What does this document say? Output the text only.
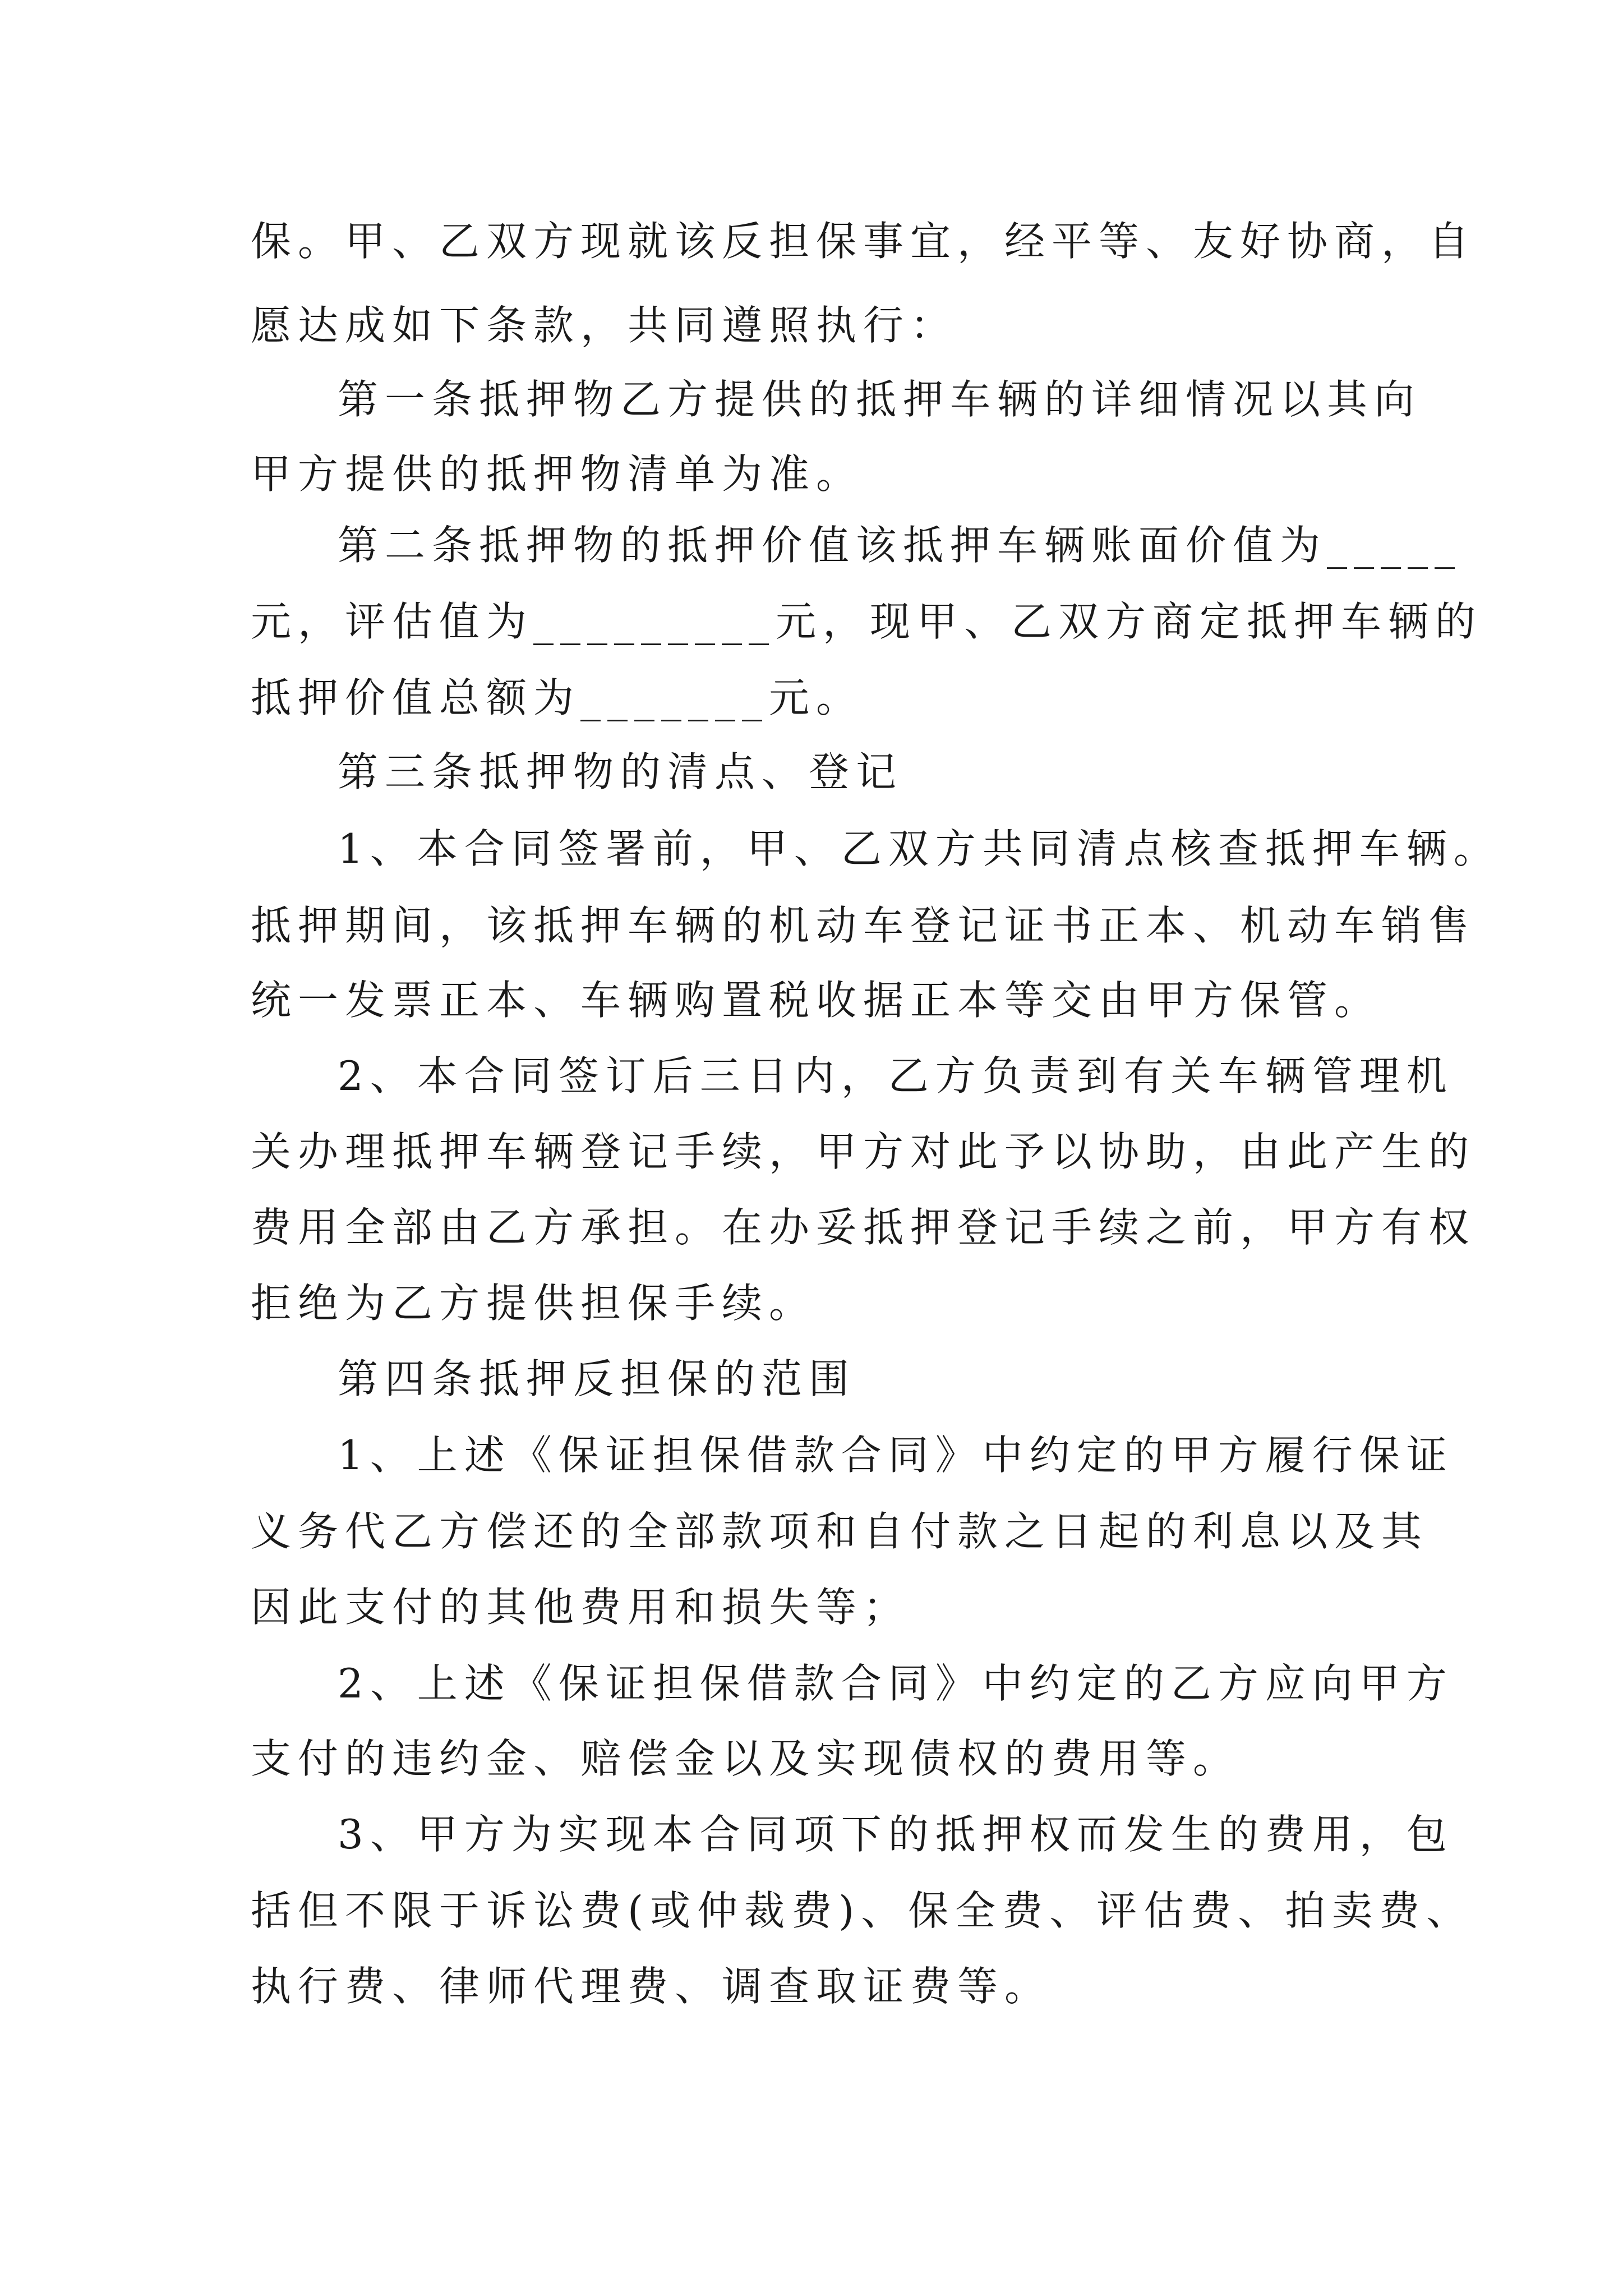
保。甲、乙双方现就该反担保事宜，经平等、友好协商，自
愿达成如下条款，共同遵照执行：
第一条抵押物乙方提供的抵押车辆的详细情况以其向
甲方提供的抵押物清单为准。
第二条抵押物的抵押价值该抵押车辆账面价值为_____
元，评估值为_________元，现甲、乙双方商定抵押车辆的
抵押价值总额为_______元。
第三条抵押物的清点、登记
1、本合同签署前，甲、乙双方共同清点核查抵押车辆。
抵押期间，该抵押车辆的机动车登记证书正本、机动车销售
统一发票正本、车辆购置税收据正本等交由甲方保管。
2、本合同签订后三日内，乙方负责到有关车辆管理机
关办理抵押车辆登记手续，甲方对此予以协助，由此产生的
费用全部由乙方承担。在办妥抵押登记手续之前，甲方有权
拒绝为乙方提供担保手续。
第四条抵押反担保的范围
1、上述《保证担保借款合同》中约定的甲方履行保证
义务代乙方偿还的全部款项和自付款之日起的利息以及其
因此支付的其他费用和损失等；
2、上述《保证担保借款合同》中约定的乙方应向甲方
支付的违约金、赔偿金以及实现债权的费用等。
3、甲方为实现本合同项下的抵押权而发生的费用，包
括但不限于诉讼费(或仲裁费)、保全费、评估费、拍卖费、
执行费、律师代理费、调查取证费等。
